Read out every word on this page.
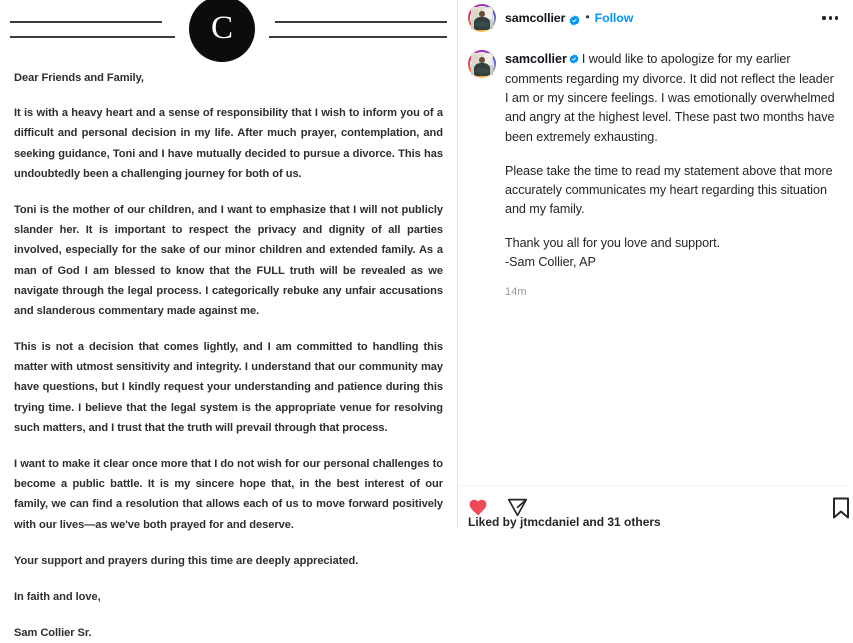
C

Dear Friends and Family,

It is with a heavy heart and a sense of responsibility that I wish to inform you of a difficult and personal decision in my life. After much prayer, contemplation, and seeking guidance, Toni and I have mutually decided to pursue a divorce. This has undoubtedly been a challenging journey for both of us.

Toni is the mother of our children, and I want to emphasize that I will not publicly slander her. It is important to respect the privacy and dignity of all parties involved, especially for the sake of our minor children and extended family. As a man of God I am blessed to know that the FULL truth will be revealed as we navigate through the legal process. I categorically rebuke any unfair accusations and slanderous commentary made against me.

This is not a decision that comes lightly, and I am committed to handling this matter with utmost sensitivity and integrity. I understand that our community may have questions, but I kindly request your understanding and patience during this trying time. I believe that the legal system is the appropriate venue for resolving such matters, and I trust that the truth will prevail through that process.

I want to make it clear once more that I do not wish for our personal challenges to become a public battle. It is my sincere hope that, in the best interest of our family, we can find a resolution that allows each of us to move forward positively with our lives—as we've both prayed for and deserve.

Your support and prayers during this time are deeply appreciated.

In faith and love,

Sam Collier Sr.

samcollier • Follow
samcollier I would like to apologize for my earlier comments regarding my divorce. It did not reflect the leader I am or my sincere feelings. I was emotionally overwhelmed and angry at the highest level. These past two months have been extremely exhausting.
Please take the time to read my statement above that more accurately communicates my heart regarding this situation and my family.
Thank you all for you love and support.
-Sam Collier, AP
14m
Liked by jtmcdaniel and 31 others
